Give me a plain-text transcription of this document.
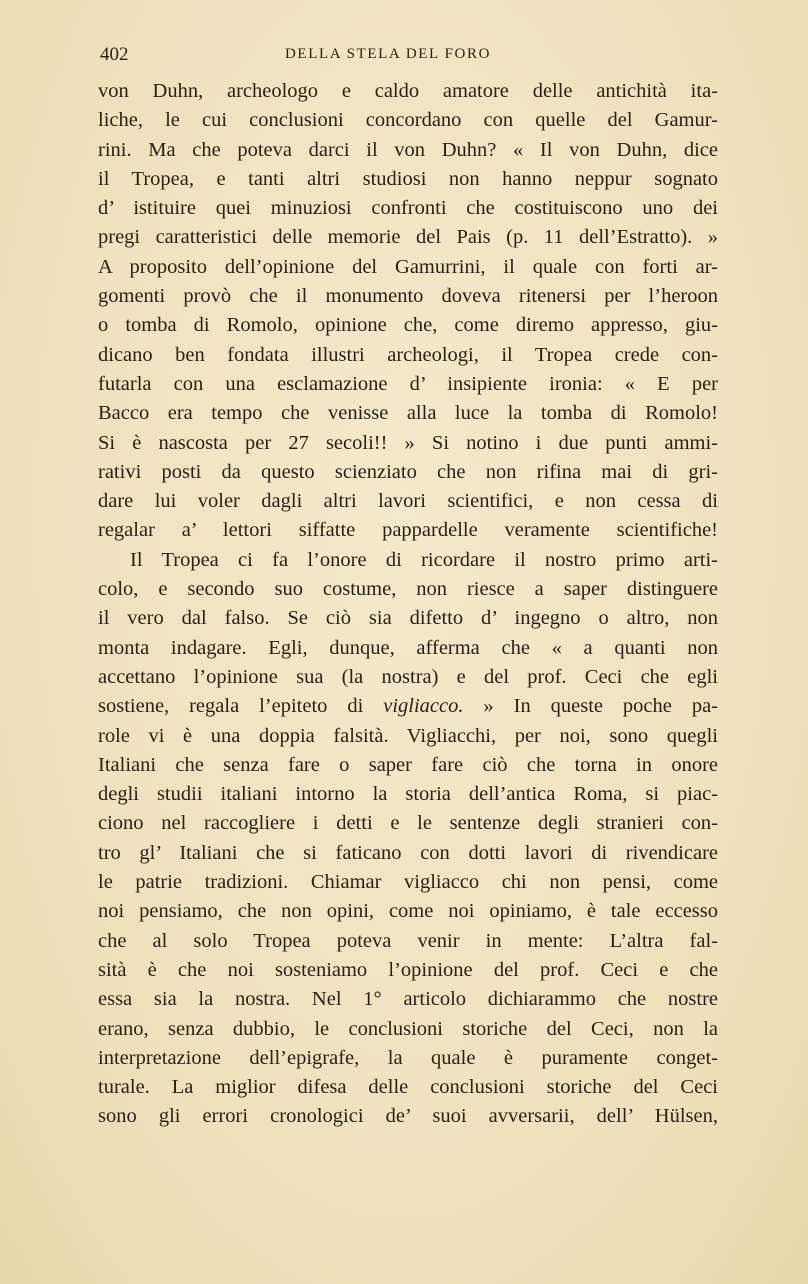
402	DELLA STELA DEL FORO
von Duhn, archeologo e caldo amatore delle antichità ita-
liche, le cui conclusioni concordano con quelle del Gamur-
rini. Ma che poteva darci il von Duhn? « Il von Duhn, dice
il Tropea, e tanti altri studiosi non hanno neppur sognato
d’ istituire quei minuziosi confronti che costituiscono uno dei
pregi caratteristici delle memorie del Pais (p. 11 dell’Estratto). »
A proposito dell’opinione del Gamurrini, il quale con forti ar-
gomenti provò che il monumento doveva ritenersi per l’heroon
o tomba di Romolo, opinione che, come diremo appresso, giu-
dicano ben fondata illustri archeologi, il Tropea crede con-
futarla con una esclamazione d’ insipiente ironia: « E per
Bacco era tempo che venisse alla luce la tomba di Romolo!
Si è nascosta per 27 secoli!! » Si notino i due punti ammi-
rativi posti da questo scienziato che non rifina mai di gri-
dare lui voler dagli altri lavori scientifici, e non cessa di
regalar a’ lettori siffatte pappardelle veramente scientifiche!
Il Tropea ci fa l’onore di ricordare il nostro primo arti-
colo, e secondo suo costume, non riesce a saper distinguere
il vero dal falso. Se ciò sia difetto d’ ingegno o altro, non
monta indagare. Egli, dunque, afferma che « a quanti non
accettano l’opinione sua (la nostra) e del prof. Ceci che egli
sostiene, regala l’epiteto di vigliacco. » In queste poche pa-
role vi è una doppia falsità. Vigliacchi, per noi, sono quegli
Italiani che senza fare o saper fare ciò che torna in onore
degli studii italiani intorno la storia dell’antica Roma, si piac-
ciono nel raccogliere i detti e le sentenze degli stranieri con-
tro gl’ Italiani che si faticano con dotti lavori di rivendicare
le patrie tradizioni. Chiamar vigliacco chi non pensi, come
noi pensiamo, che non opini, come noi opiniamo, è tale eccesso
che al solo Tropea poteva venir in mente: L’altra fal-
sità è che noi sosteniamo l’opinione del prof. Ceci e che
essa sia la nostra. Nel 1° articolo dichiarammo che nostre
erano, senza dubbio, le conclusioni storiche del Ceci, non la
interpretazione dell’epigrafe, la quale è puramente conget-
turale. La miglior difesa delle conclusioni storiche del Ceci
sono gli errori cronologici de’ suoi avversarii, dell’ Hülsen,
